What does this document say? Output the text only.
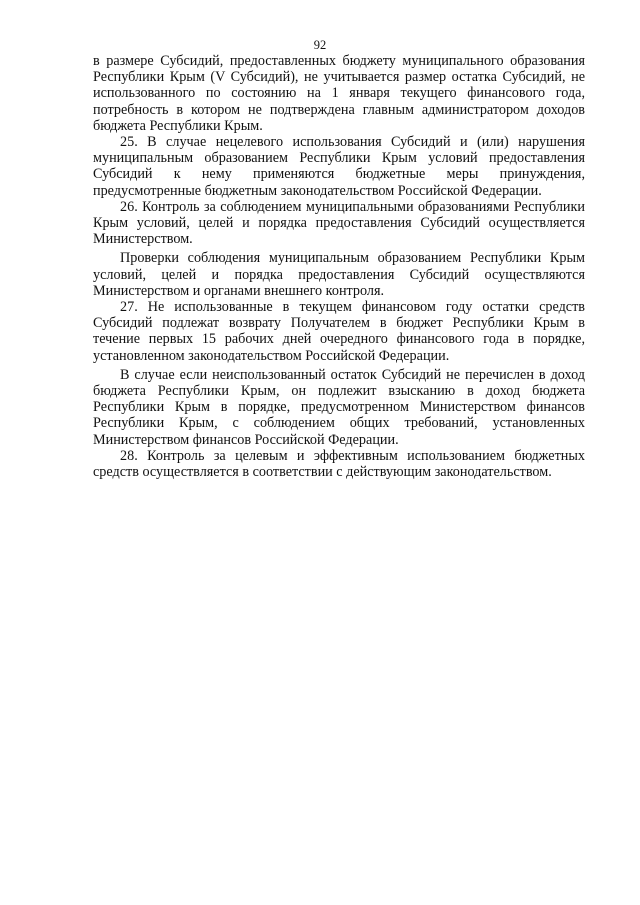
92

в размере Субсидий, предоставленных бюджету муниципального образования Республики Крым (V Субсидий), не учитывается размер остатка Субсидий, не использованного по состоянию на 1 января текущего финансового года, потребность в котором не подтверждена главным администратором доходов бюджета Республики Крым.

25. В случае нецелевого использования Субсидий и (или) нарушения муниципальным образованием Республики Крым условий предоставления Субсидий к нему применяются бюджетные меры принуждения, предусмотренные бюджетным законодательством Российской Федерации.

26. Контроль за соблюдением муниципальными образованиями Республики Крым условий, целей и порядка предоставления Субсидий осуществляется Министерством.

Проверки соблюдения муниципальным образованием Республики Крым условий, целей и порядка предоставления Субсидий осуществляются Министерством и органами внешнего контроля.

27. Не использованные в текущем финансовом году остатки средств Субсидий подлежат возврату Получателем в бюджет Республики Крым в течение первых 15 рабочих дней очередного финансового года в порядке, установленном законодательством Российской Федерации.

В случае если неиспользованный остаток Субсидий не перечислен в доход бюджета Республики Крым, он подлежит взысканию в доход бюджета Республики Крым в порядке, предусмотренном Министерством финансов Республики Крым, с соблюдением общих требований, установленных Министерством финансов Российской Федерации.

28. Контроль за целевым и эффективным использованием бюджетных средств осуществляется в соответствии с действующим законодательством.
